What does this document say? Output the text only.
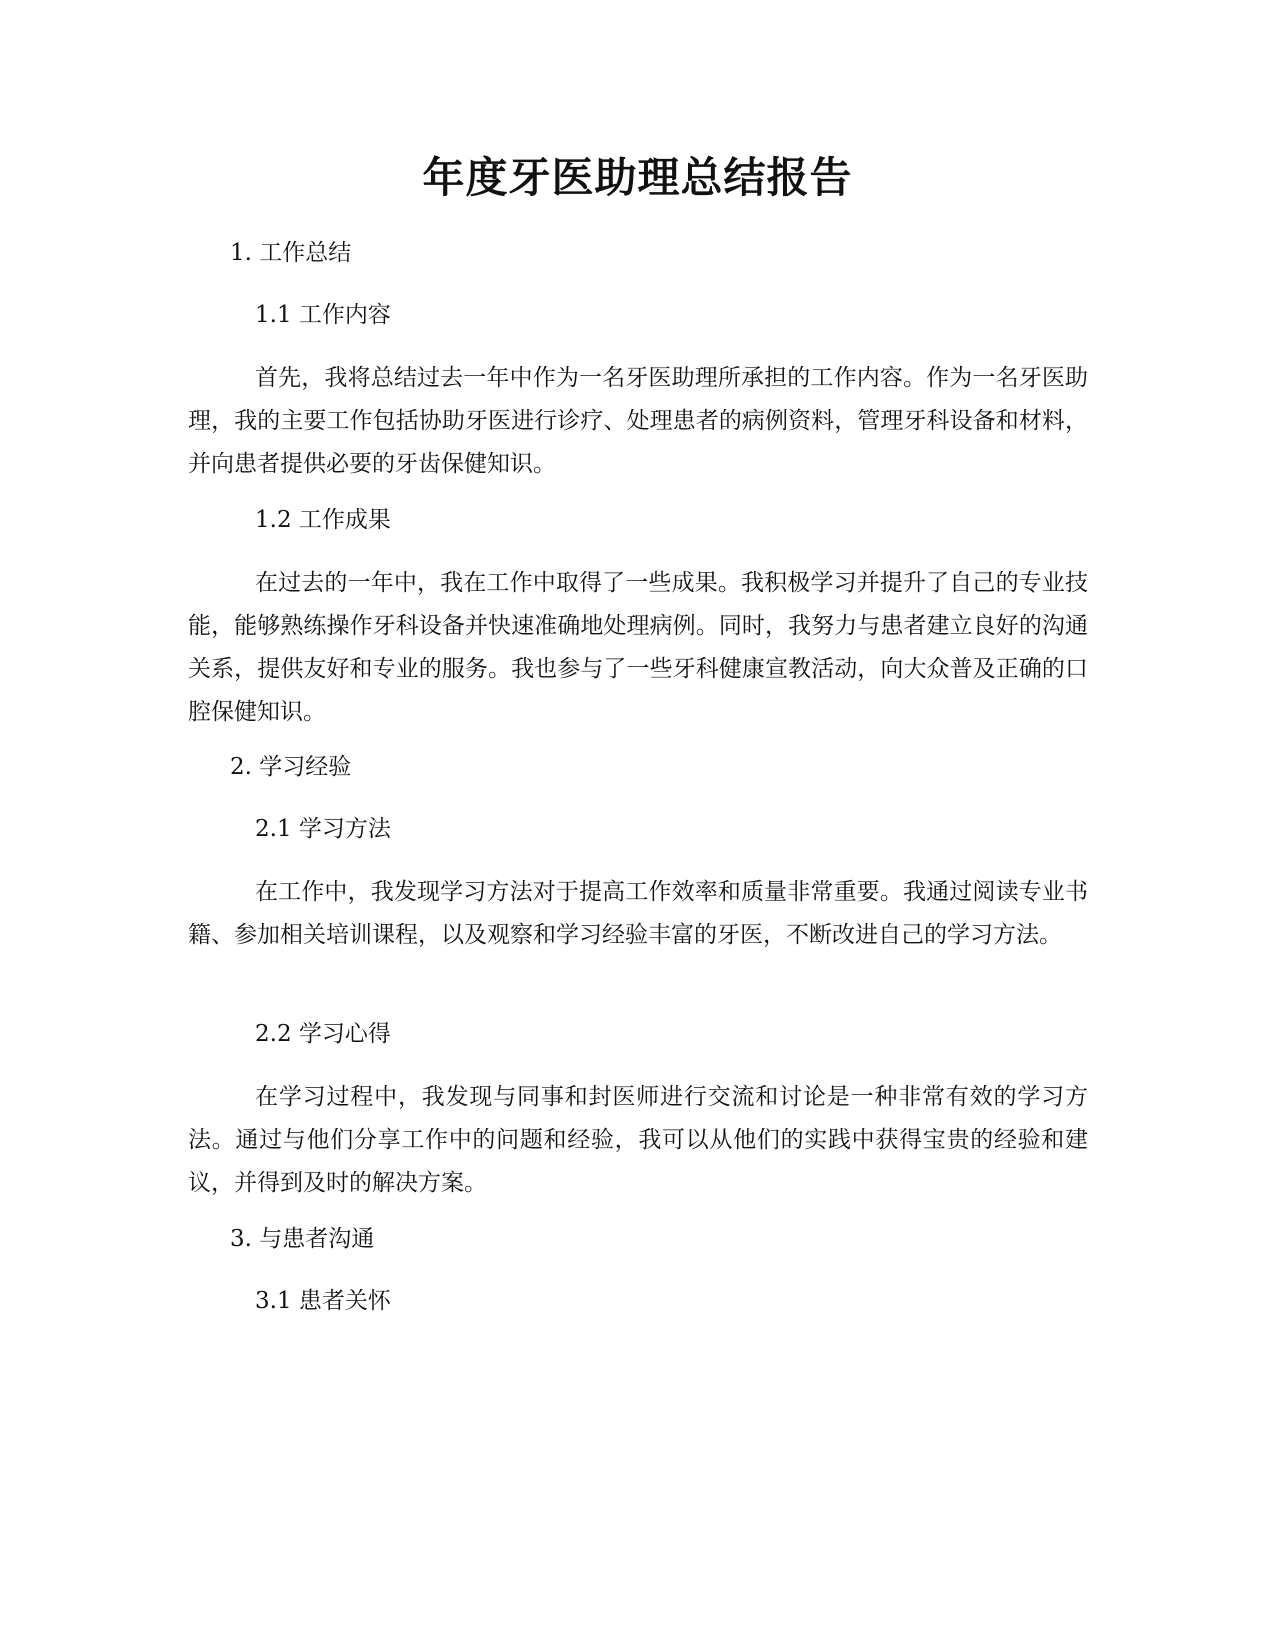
年度牙医助理总结报告
1. 工作总结
1.1 工作内容
首先，我将总结过去一年中作为一名牙医助理所承担的工作内容。作为一名牙医助理，我的主要工作包括协助牙医进行诊疗、处理患者的病例资料，管理牙科设备和材料，并向患者提供必要的牙齿保健知识。
1.2 工作成果
在过去的一年中，我在工作中取得了一些成果。我积极学习并提升了自己的专业技能，能够熟练操作牙科设备并快速准确地处理病例。同时，我努力与患者建立良好的沟通关系，提供友好和专业的服务。我也参与了一些牙科健康宣教活动，向大众普及正确的口腔保健知识。
2. 学习经验
2.1 学习方法
在工作中，我发现学习方法对于提高工作效率和质量非常重要。我通过阅读专业书籍、参加相关培训课程，以及观察和学习经验丰富的牙医，不断改进自己的学习方法。
2.2 学习心得
在学习过程中，我发现与同事和封医师进行交流和讨论是一种非常有效的学习方法。通过与他们分享工作中的问题和经验，我可以从他们的实践中获得宝贵的经验和建议，并得到及时的解决方案。
3. 与患者沟通
3.1 患者关怀
